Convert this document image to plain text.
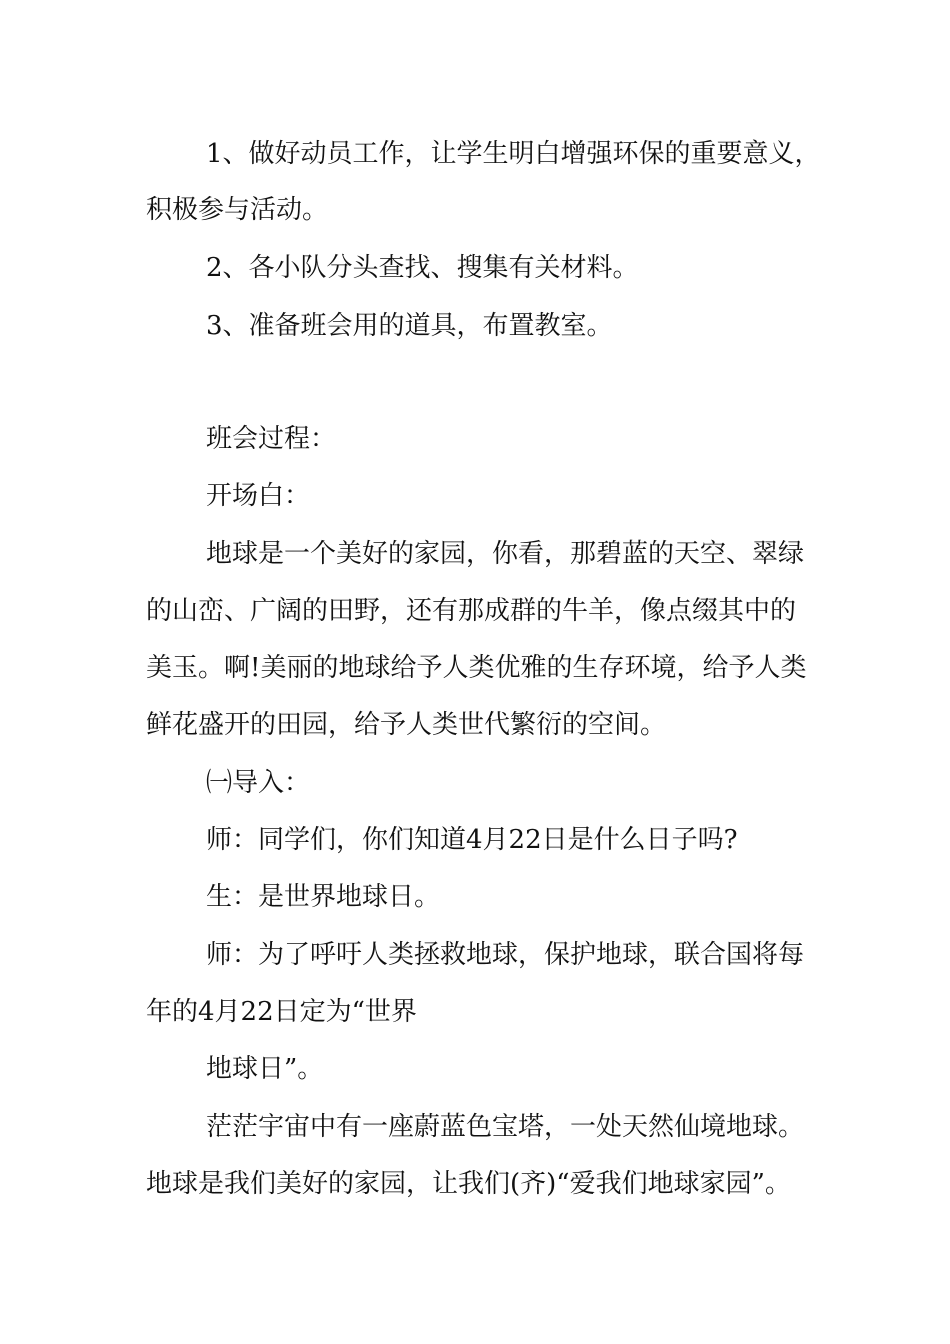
1、做好动员工作，让学生明白增强环保的重要意义，
积极参与活动。
2、各小队分头查找、搜集有关材料。
3、准备班会用的道具，布置教室。
班会过程：
开场白：
地球是一个美好的家园，你看，那碧蓝的天空、翠绿
的山峦、广阔的田野，还有那成群的牛羊，像点缀其中的
美玉。啊!美丽的地球给予人类优雅的生存环境，给予人类
鲜花盛开的田园，给予人类世代繁衍的空间。
㈠导入：
师：同学们，你们知道4月22日是什么日子吗?
生：是世界地球日。
师：为了呼吁人类拯救地球，保护地球，联合国将每
年的4月22日定为“世界
地球日”。
茫茫宇宙中有一座蔚蓝色宝塔，一处天然仙境地球。
地球是我们美好的家园，让我们(齐)“爱我们地球家园”。
